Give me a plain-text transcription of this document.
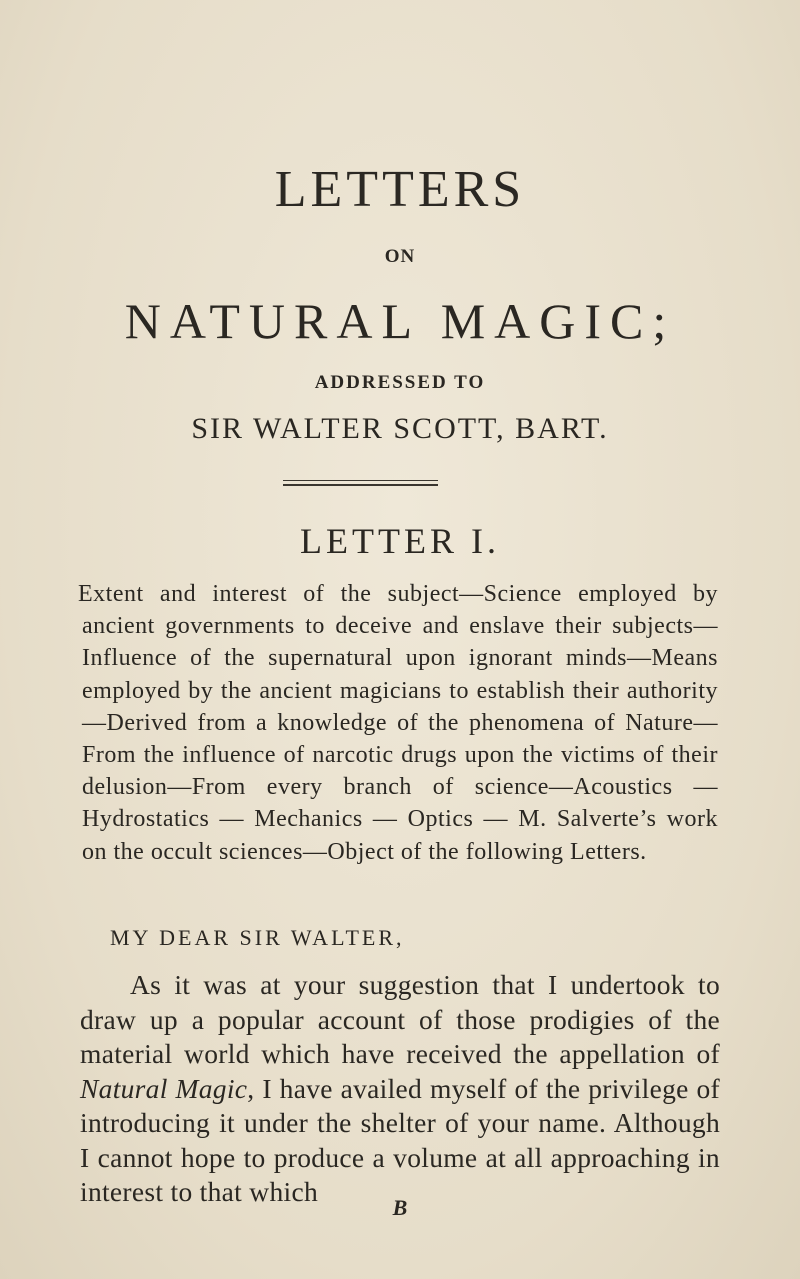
LETTERS
ON
NATURAL MAGIC;
ADDRESSED TO
SIR WALTER SCOTT, BART.
LETTER I.
Extent and interest of the subject—Science employed by ancient governments to deceive and enslave their subjects—Influence of the supernatural upon ignorant minds—Means employed by the ancient magicians to establish their authority—Derived from a knowledge of the phenomena of Nature—From the influence of narcotic drugs upon the victims of their delusion—From every branch of science—Acoustics — Hydrostatics — Mechanics — Optics — M. Salverte’s work on the occult sciences—Object of the following Letters.
MY DEAR SIR WALTER,
As it was at your suggestion that I undertook to draw up a popular account of those prodigies of the material world which have received the appellation of Natural Magic, I have availed myself of the privilege of introducing it under the shelter of your name. Although I cannot hope to produce a volume at all approaching in interest to that which
B
